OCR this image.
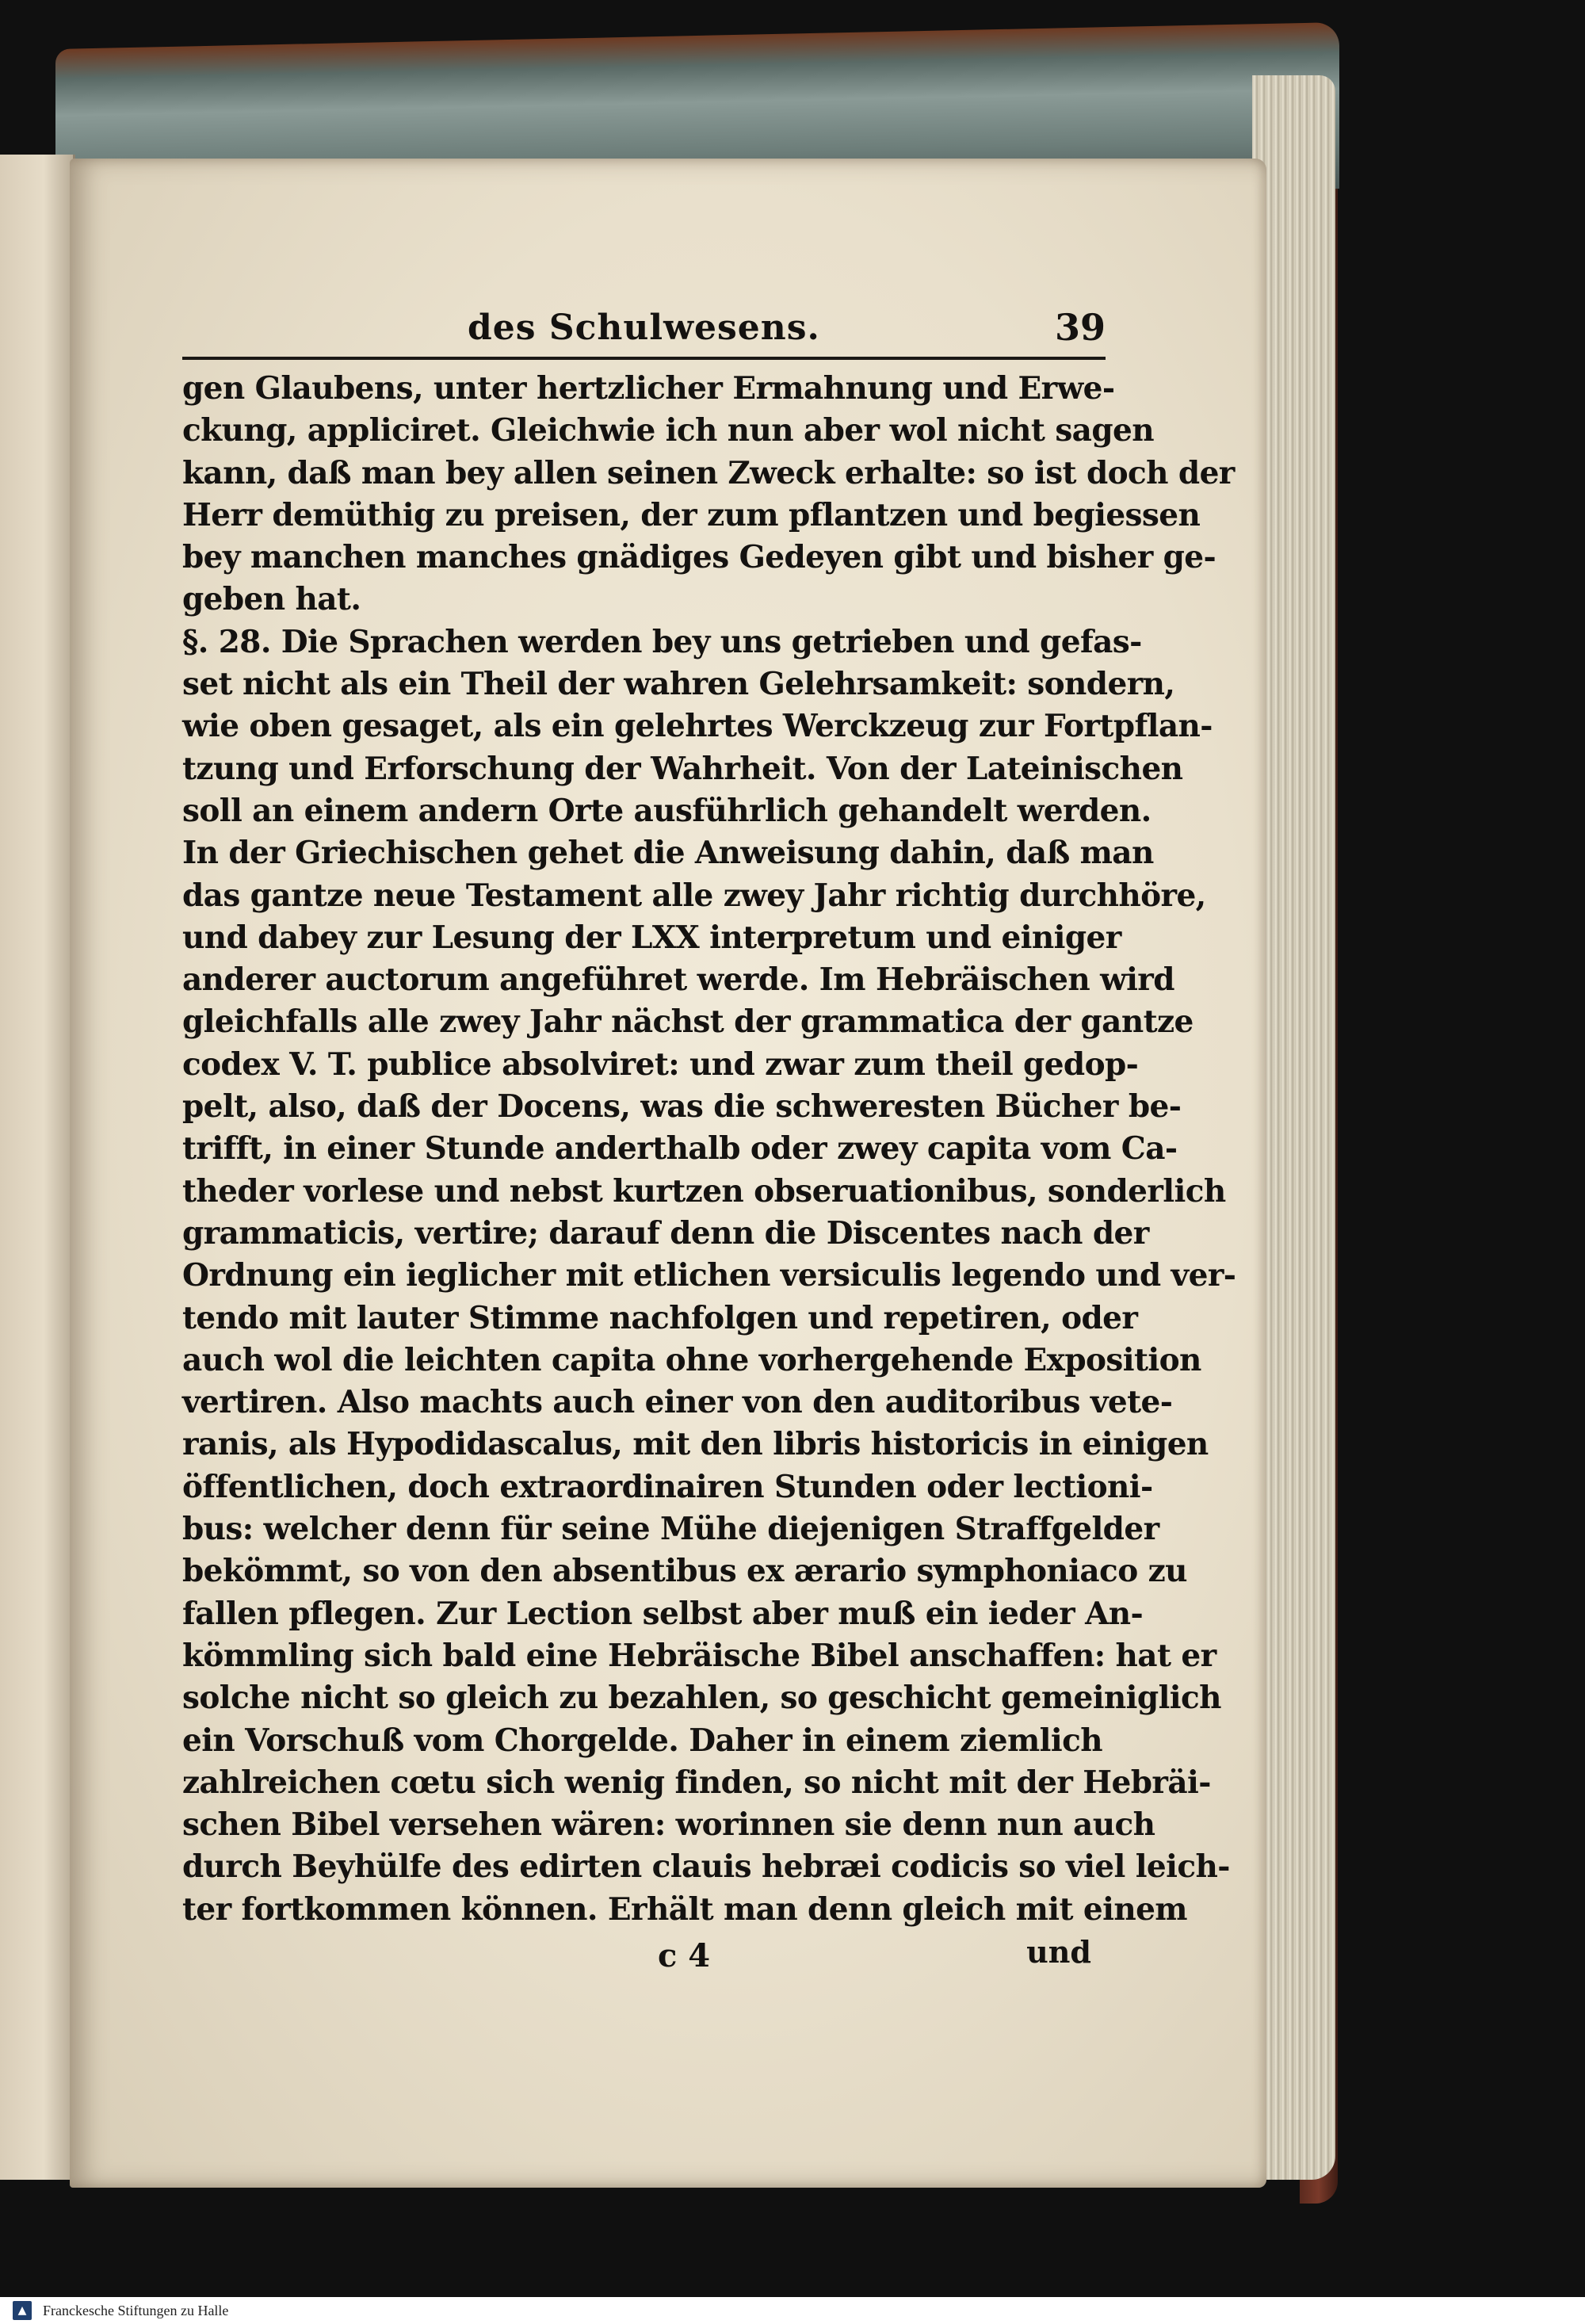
des Schulwesens.	39
gen Glaubens, unter hertzlicher Ermahnung und Erwe-
ckung, appliciret. Gleichwie ich nun aber wol nicht sagen
kann, daß man bey allen seinen Zweck erhalte: so ist doch der
Herr demüthig zu preisen, der zum pflantzen und begiessen
bey manchen manches gnädiges Gedeyen gibt und bisher ge-
geben hat.
§. 28. Die Sprachen werden bey uns getrieben und gefas-
set nicht als ein Theil der wahren Gelehrsamkeit: sondern,
wie oben gesaget, als ein gelehrtes Werckzeug zur Fortpflan-
tzung und Erforschung der Wahrheit. Von der Lateinischen
soll an einem andern Orte ausführlich gehandelt werden.
In der Griechischen gehet die Anweisung dahin, daß man
das gantze neue Testament alle zwey Jahr richtig durchhöre,
und dabey zur Lesung der LXX interpretum und einiger
anderer auctorum angeführet werde. Im Hebräischen wird
gleichfalls alle zwey Jahr nächst der grammatica der gantze
codex V. T. publice absolviret: und zwar zum theil gedop-
pelt, also, daß der Docens, was die schweresten Bücher be-
trifft, in einer Stunde anderthalb oder zwey capita vom Ca-
theder vorlese und nebst kurtzen obseruationibus, sonderlich
grammaticis, vertire; darauf denn die Discentes nach der
Ordnung ein ieglicher mit etlichen versiculis legendo und ver-
tendo mit lauter Stimme nachfolgen und repetiren, oder
auch wol die leichten capita ohne vorhergehende Exposition
vertiren. Also machts auch einer von den auditoribus vete-
ranis, als Hypodidascalus, mit den libris historicis in einigen
öffentlichen, doch extraordinairen Stunden oder lectioni-
bus: welcher denn für seine Mühe diejenigen Straffgelder
bekömmt, so von den absentibus ex ærario symphoniaco zu
fallen pflegen. Zur Lection selbst aber muß ein ieder An-
kömmling sich bald eine Hebräische Bibel anschaffen: hat er
solche nicht so gleich zu bezahlen, so geschicht gemeiniglich
ein Vorschuß vom Chorgelde. Daher in einem ziemlich
zahlreichen cœtu sich wenig finden, so nicht mit der Hebräi-
schen Bibel versehen wären: worinnen sie denn nun auch
durch Beyhülfe des edirten clauis hebræi codicis so viel leich-
ter fortkommen können. Erhält man denn gleich mit einem
c 4	und
▲ Franckesche Stiftungen zu Halle
